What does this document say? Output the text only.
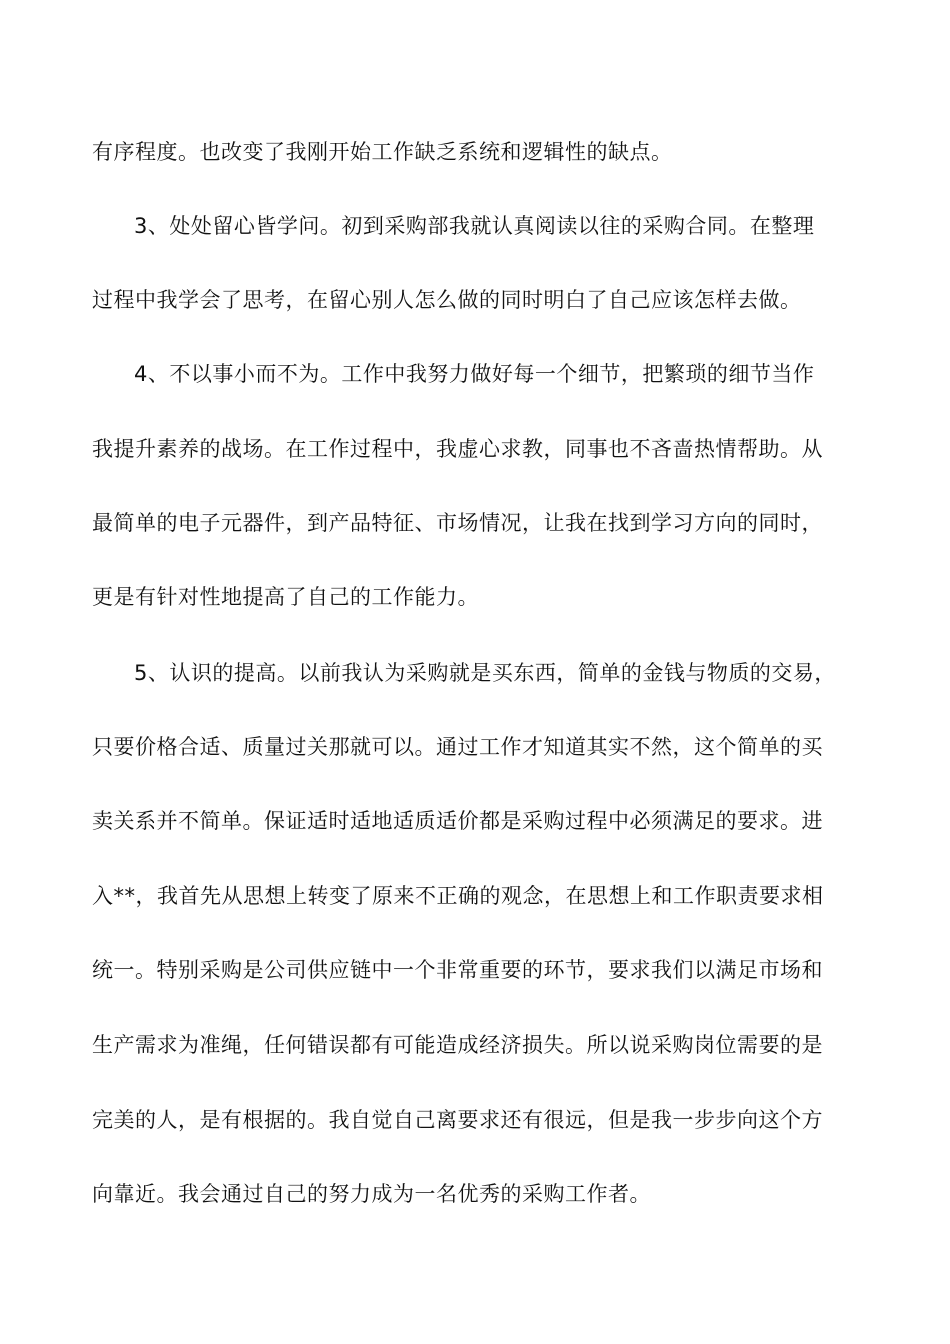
有序程度。也改变了我刚开始工作缺乏系统和逻辑性的缺点。
3、处处留心皆学问。初到采购部我就认真阅读以往的采购合同。在整理
过程中我学会了思考，在留心别人怎么做的同时明白了自己应该怎样去做。
4、不以事小而不为。工作中我努力做好每一个细节，把繁琐的细节当作
我提升素养的战场。在工作过程中，我虚心求教，同事也不吝啬热情帮助。从
最简单的电子元器件，到产品特征、市场情况，让我在找到学习方向的同时，
更是有针对性地提高了自己的工作能力。
5、认识的提高。以前我认为采购就是买东西，简单的金钱与物质的交易，
只要价格合适、质量过关那就可以。通过工作才知道其实不然，这个简单的买
卖关系并不简单。保证适时适地适质适价都是采购过程中必须满足的要求。进
入**，我首先从思想上转变了原来不正确的观念，在思想上和工作职责要求相
统一。特别采购是公司供应链中一个非常重要的环节，要求我们以满足市场和
生产需求为准绳，任何错误都有可能造成经济损失。所以说采购岗位需要的是
完美的人，是有根据的。我自觉自己离要求还有很远，但是我一步步向这个方
向靠近。我会通过自己的努力成为一名优秀的采购工作者。
